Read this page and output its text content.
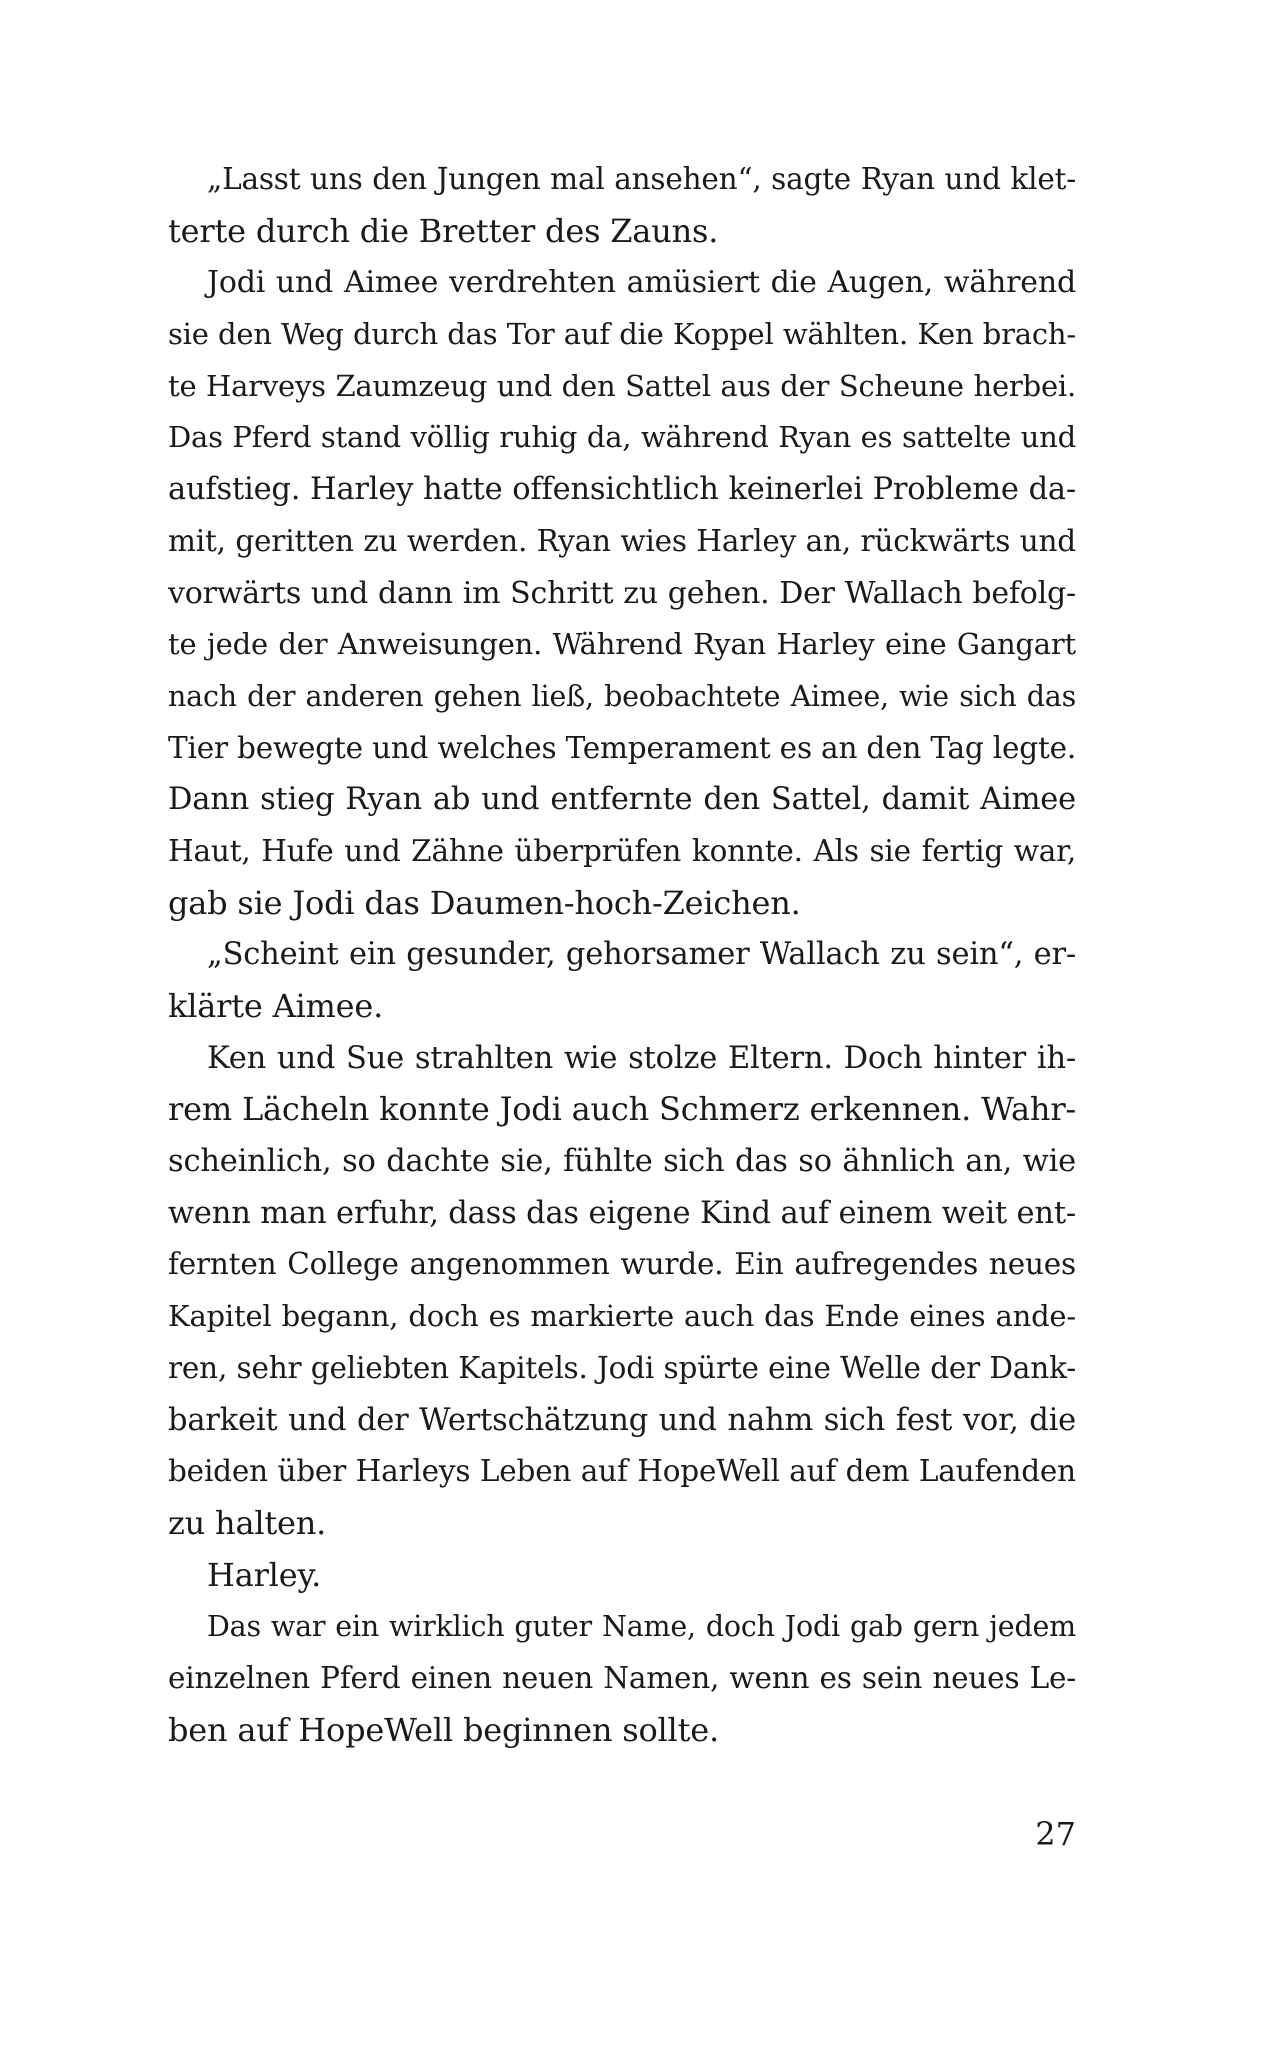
„Lasst uns den Jungen mal ansehen“, sagte Ryan und klet-
terte durch die Bretter des Zauns.
Jodi und Aimee verdrehten amüsiert die Augen, während
sie den Weg durch das Tor auf die Koppel wählten. Ken brach-
te Harveys Zaumzeug und den Sattel aus der Scheune herbei.
Das Pferd stand völlig ruhig da, während Ryan es sattelte und
aufstieg. Harley hatte offensichtlich keinerlei Probleme da-
mit, geritten zu werden. Ryan wies Harley an, rückwärts und
vorwärts und dann im Schritt zu gehen. Der Wallach befolg-
te jede der Anweisungen. Während Ryan Harley eine Gangart
nach der anderen gehen ließ, beobachtete Aimee, wie sich das
Tier bewegte und welches Temperament es an den Tag legte.
Dann stieg Ryan ab und entfernte den Sattel, damit Aimee
Haut, Hufe und Zähne überprüfen konnte. Als sie fertig war,
gab sie Jodi das Daumen-hoch-Zeichen.
„Scheint ein gesunder, gehorsamer Wallach zu sein“, er-
klärte Aimee.
Ken und Sue strahlten wie stolze Eltern. Doch hinter ih-
rem Lächeln konnte Jodi auch Schmerz erkennen. Wahr-
scheinlich, so dachte sie, fühlte sich das so ähnlich an, wie
wenn man erfuhr, dass das eigene Kind auf einem weit ent-
fernten College angenommen wurde. Ein aufregendes neues
Kapitel begann, doch es markierte auch das Ende eines ande-
ren, sehr geliebten Kapitels. Jodi spürte eine Welle der Dank-
barkeit und der Wertschätzung und nahm sich fest vor, die
beiden über Harleys Leben auf HopeWell auf dem Laufenden
zu halten.
Harley.
Das war ein wirklich guter Name, doch Jodi gab gern jedem
einzelnen Pferd einen neuen Namen, wenn es sein neues Le-
ben auf HopeWell beginnen sollte.
27
